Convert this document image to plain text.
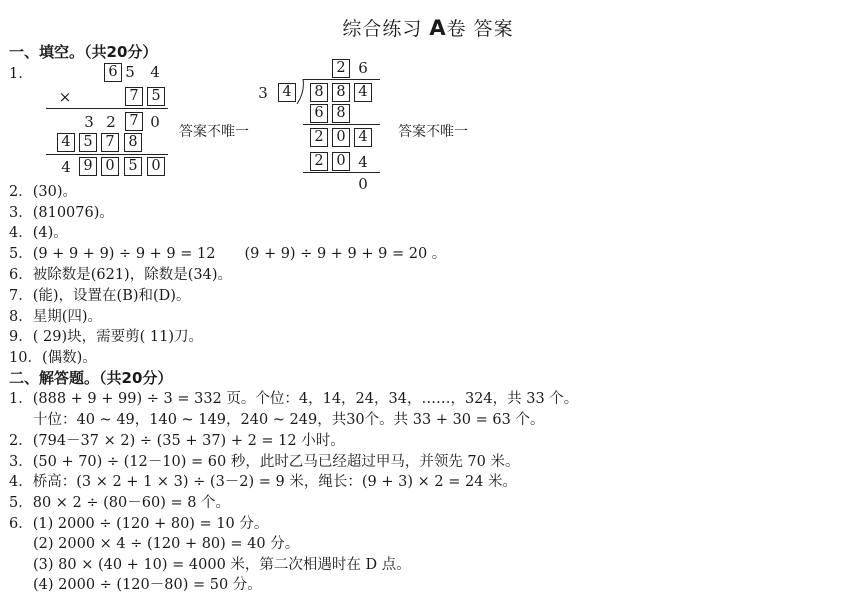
综合练习 A卷 答案
一、填空。（共20分）
1．	6 5 4
×	7 5
3 2 7 0
4 5 7 8
4 9 0 5 0
答案不唯一
2 6
3	4	8 8 4
6 8
2 0 4
2 0 4
0
答案不唯一
2．(30)。
3．(810076)。
4．(4)。
5．(9 + 9 + 9) ÷ 9 + 9 = 12　　(9 + 9) ÷ 9 + 9 + 9 = 20 。
6．被除数是(621)，除数是(34)。
7．(能)，设置在(B)和(D)。
8．星期(四)。
9．( 29)块，需要剪( 11)刀。
10．(偶数)。
二、解答题。（共20分）
1．(888 + 9 + 99) ÷ 3 = 332 页。个位：4，14，24，34，……，324，共 33 个。
十位：40 ~ 49，140 ~ 149，240 ~ 249，共30个。共 33 + 30 = 63 个。
2．(794－37 × 2) ÷ (35 + 37) + 2 = 12 小时。
3．(50 + 70) ÷ (12－10) = 60 秒，此时乙马已经超过甲马，并领先 70 米。
4．桥高：(3 × 2 + 1 × 3) ÷ (3－2) = 9 米，绳长：(9 + 3) × 2 = 24 米。
5．80 × 2 ÷ (80－60) = 8 个。
6．(1) 2000 ÷ (120 + 80) = 10 分。
(2) 2000 × 4 ÷ (120 + 80) = 40 分。
(3) 80 × (40 + 10) = 4000 米，第二次相遇时在 D 点。
(4) 2000 ÷ (120－80) = 50 分。
